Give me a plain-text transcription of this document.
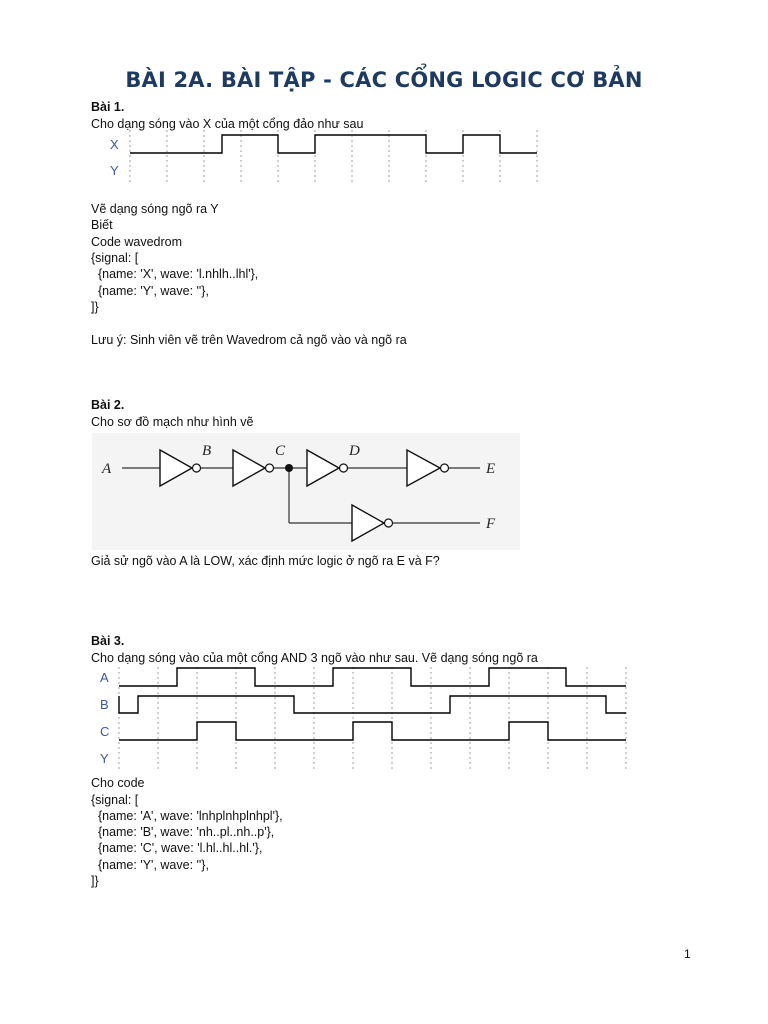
BÀI 2A. BÀI TẬP - CÁC CỔNG LOGIC CƠ BẢN
Bài 1.
Cho dạng sóng vào X của một cổng đảo như sau
X
Y
Vẽ dạng sóng ngõ ra Y
Biết
Code wavedrom
{signal: [
{name: 'X', wave: 'l.nhlh..lhl'},
{name: 'Y', wave: ''},
]}
Lưu ý: Sinh viên vẽ trên Wavedrom cả ngõ vào và ngõ ra
Bài 2.
Cho sơ đồ mạch như hình vẽ
A
B	C	D
E
F
Giả sử ngõ vào A là LOW, xác định mức logic ở ngõ ra E và F?
Bài 3.
Cho dạng sóng vào của một cổng AND 3 ngõ vào như sau. Vẽ dạng sóng ngõ ra
A
B
C
Y
Cho code
{signal: [
{name: 'A', wave: 'lnhplnhplnhpl'},
{name: 'B', wave: 'nh..pl..nh..p'},
{name: 'C', wave: 'l.hl..hl..hl.'},
{name: 'Y', wave: ''},
]}
1
